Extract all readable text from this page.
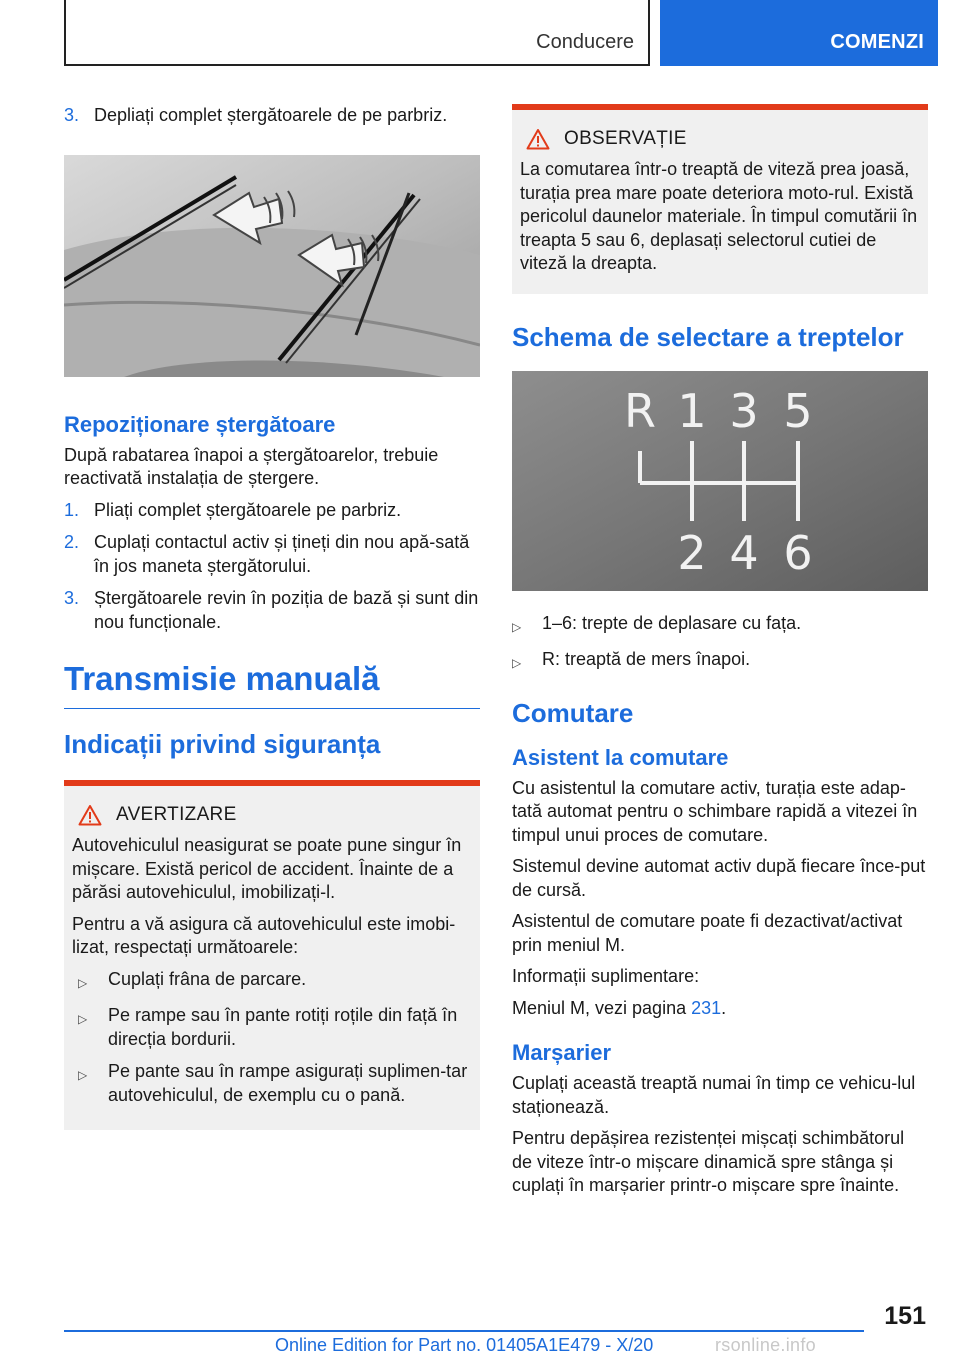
Conducere	COMENZI
3. Depliați complet ștergătoarele de pe parbriz.
Repoziționare ștergătoare

După rabatarea înapoi a ștergătoarelor, trebuie reactivată instalația de ștergere.

1. Pliați complet ștergătoarele pe parbriz.
2. Cuplați contactul activ și țineți din nou apă-sată în jos maneta ștergătorului.
3. Ștergătoarele revin în poziția de bază și sunt din nou funcționale.
Transmisie manuală
Indicații privind siguranța
AVERTIZARE

Autovehiculul neasigurat se poate pune singur în mișcare. Există pericol de accident. Înainte de a părăsi autovehiculul, imobilizați-l.

Pentru a vă asigura că autovehiculul este imobi-lizat, respectați următoarele:

▷	Cuplați frâna de parcare.
▷	Pe rampe sau în pante rotiți roțile din față în direcția bordurii.
▷	Pe pante sau în rampe asigurați suplimen-tar autovehiculul, de exemplu cu o pană.
OBSERVAȚIE

La comutarea într-o treaptă de viteză prea joasă, turația prea mare poate deteriora moto-rul. Există pericolul daunelor materiale. În timpul comutării în treapta 5 sau 6, deplasați selectorul cutiei de viteză la dreapta.

Schema de selectare a treptelor
R 1 3 5
2 4 6
▷	1–6: trepte de deplasare cu fața.
▷	R: treaptă de mers înapoi.
Comutare
Asistent la comutare

Cu asistentul la comutare activ, turația este adap-tată automat pentru o schimbare rapidă a vitezei în timpul unui proces de comutare.

Sistemul devine automat activ după fiecare înce-put de cursă.

Asistentul de comutare poate fi dezactivat/activat prin meniul M.

Informații suplimentare:

Meniul M, vezi pagina 231.

Marșarier

Cuplați această treaptă numai în timp ce vehicu-lul staționează.

Pentru depășirea rezistenței mișcați schimbătorul de viteze într-o mișcare dinamică spre stânga și cuplați în marșarier printr-o mișcare spre înainte.

151
Online Edition for Part no. 01405A1E479 - X/20	rsonline.info
